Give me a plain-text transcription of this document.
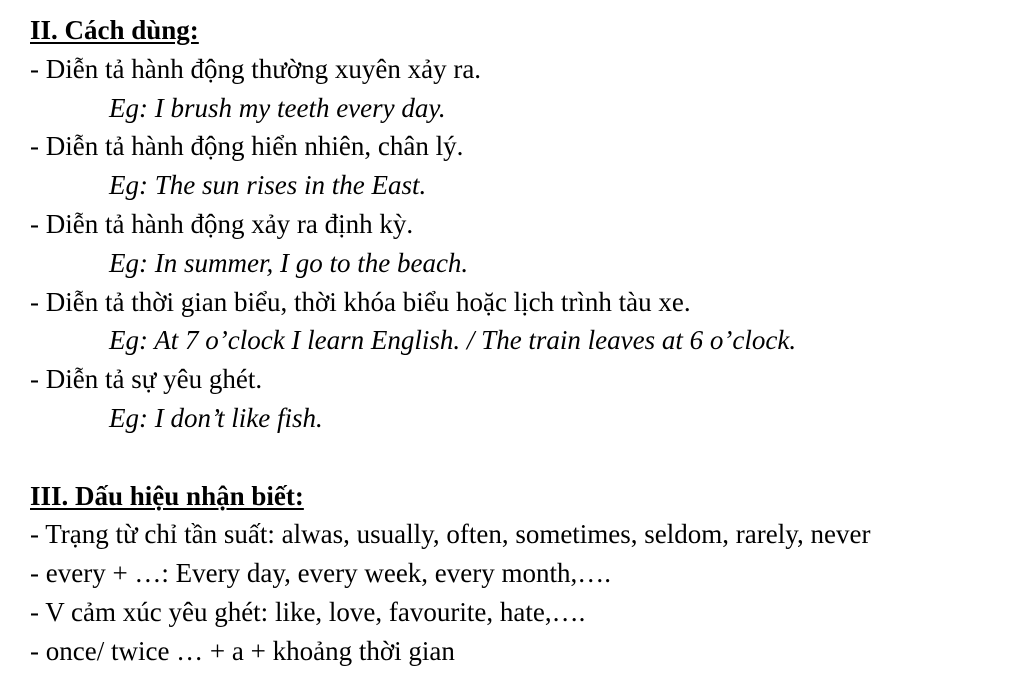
II. Cách dùng:
- Diễn tả hành động thường xuyên xảy ra.
Eg: I brush my teeth every day.
- Diễn tả hành động hiển nhiên, chân lý.
Eg: The sun rises in the East.
- Diễn tả hành động xảy ra định kỳ.
Eg: In summer, I go to the beach.
- Diễn tả thời gian biểu, thời khóa biểu hoặc lịch trình tàu xe.
Eg: At 7 o’clock I learn English. / The train leaves at 6 o’clock.
- Diễn tả sự yêu ghét.
Eg: I don’t like fish.
III. Dấu hiệu nhận biết:
- Trạng từ chỉ tần suất: alwas, usually, often, sometimes, seldom, rarely, never
- every + …: Every day, every week, every month,….
- V cảm xúc yêu ghét: like, love, favourite, hate,….
- once/ twice … + a + khoảng thời gian
